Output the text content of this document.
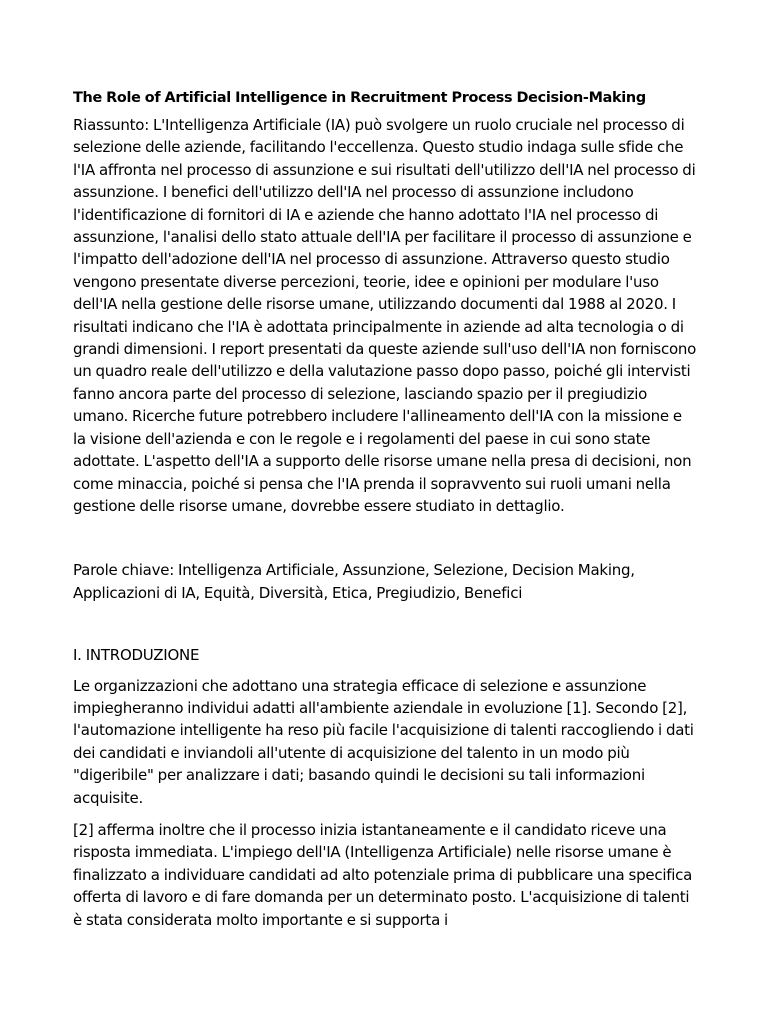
The Role of Artificial Intelligence in Recruitment Process Decision-Making

Riassunto: L'Intelligenza Artificiale (IA) può svolgere un ruolo cruciale nel processo di selezione delle aziende, facilitando l'eccellenza. Questo studio indaga sulle sfide che l'IA affronta nel processo di assunzione e sui risultati dell'utilizzo dell'IA nel processo di assunzione. I benefici dell'utilizzo dell'IA nel processo di assunzione includono l'identificazione di fornitori di IA e aziende che hanno adottato l'IA nel processo di assunzione, l'analisi dello stato attuale dell'IA per facilitare il processo di assunzione e l'impatto dell'adozione dell'IA nel processo di assunzione. Attraverso questo studio vengono presentate diverse percezioni, teorie, idee e opinioni per modulare l'uso dell'IA nella gestione delle risorse umane, utilizzando documenti dal 1988 al 2020. I risultati indicano che l'IA è adottata principalmente in aziende ad alta tecnologia o di grandi dimensioni. I report presentati da queste aziende sull'uso dell'IA non forniscono un quadro reale dell'utilizzo e della valutazione passo dopo passo, poiché gli intervisti fanno ancora parte del processo di selezione, lasciando spazio per il pregiudizio umano. Ricerche future potrebbero includere l'allineamento dell'IA con la missione e la visione dell'azienda e con le regole e i regolamenti del paese in cui sono state adottate. L'aspetto dell'IA a supporto delle risorse umane nella presa di decisioni, non come minaccia, poiché si pensa che l'IA prenda il sopravvento sui ruoli umani nella gestione delle risorse umane, dovrebbe essere studiato in dettaglio.

Parole chiave: Intelligenza Artificiale, Assunzione, Selezione, Decision Making, Applicazioni di IA, Equità, Diversità, Etica, Pregiudizio, Benefici

I. INTRODUZIONE

Le organizzazioni che adottano una strategia efficace di selezione e assunzione impiegheranno individui adatti all'ambiente aziendale in evoluzione [1]. Secondo [2], l'automazione intelligente ha reso più facile l'acquisizione di talenti raccogliendo i dati dei candidati e inviandoli all'utente di acquisizione del talento in un modo più "digeribile" per analizzare i dati; basando quindi le decisioni su tali informazioni acquisite.

[2] afferma inoltre che il processo inizia istantaneamente e il candidato riceve una risposta immediata. L'impiego dell'IA (Intelligenza Artificiale) nelle risorse umane è finalizzato a individuare candidati ad alto potenziale prima di pubblicare una specifica offerta di lavoro e di fare domanda per un determinato posto. L'acquisizione di talenti è stata considerata molto importante e si supporta i
